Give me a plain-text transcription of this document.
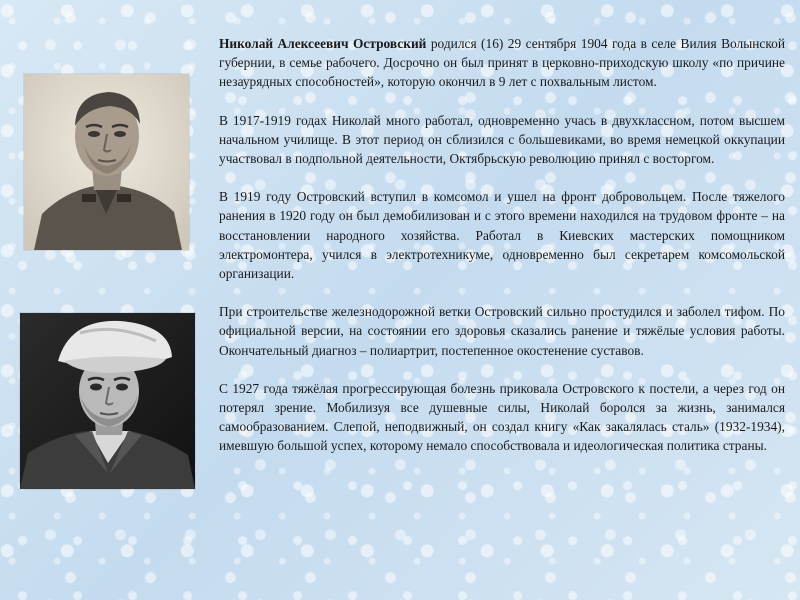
Николай Алексеевич Островский родился (16) 29 сентября 1904 года в селе Вилия Волынской губернии, в семье рабочего. Досрочно он был принят в церковно-приходскую школу «по причине незаурядных способностей», которую окончил в 9 лет с похвальным листом.

В 1917-1919 годах Николай много работал, одновременно учась в двухклассном, потом высшем начальном училище. В этот период он сблизился с большевиками, во время немецкой оккупации участвовал в подпольной деятельности, Октябрьскую революцию принял с восторгом.

В 1919 году Островский вступил в комсомол и ушел на фронт добровольцем. После тяжелого ранения в 1920 году он был демобилизован и с этого времени находился на трудовом фронте – на восстановлении народного хозяйства. Работал в Киевских мастерских помощником электромонтера, учился в электротехникуме, одновременно был секретарем комсомольской организации.

При строительстве железнодорожной ветки Островский сильно простудился и заболел тифом. По официальной версии, на состоянии его здоровья сказались ранение и тяжёлые условия работы. Окончательный диагноз – полиартрит, постепенное окостенение суставов.

С 1927 года тяжёлая прогрессирующая болезнь приковала Островского к постели, а через год он потерял зрение. Мобилизуя все душевные силы, Николай боролся за жизнь, занимался самообразованием. Слепой, неподвижный, он создал книгу «Как закалялась сталь» (1932-1934), имевшую большой успех, которому немало способствовала и идеологическая политика страны.
